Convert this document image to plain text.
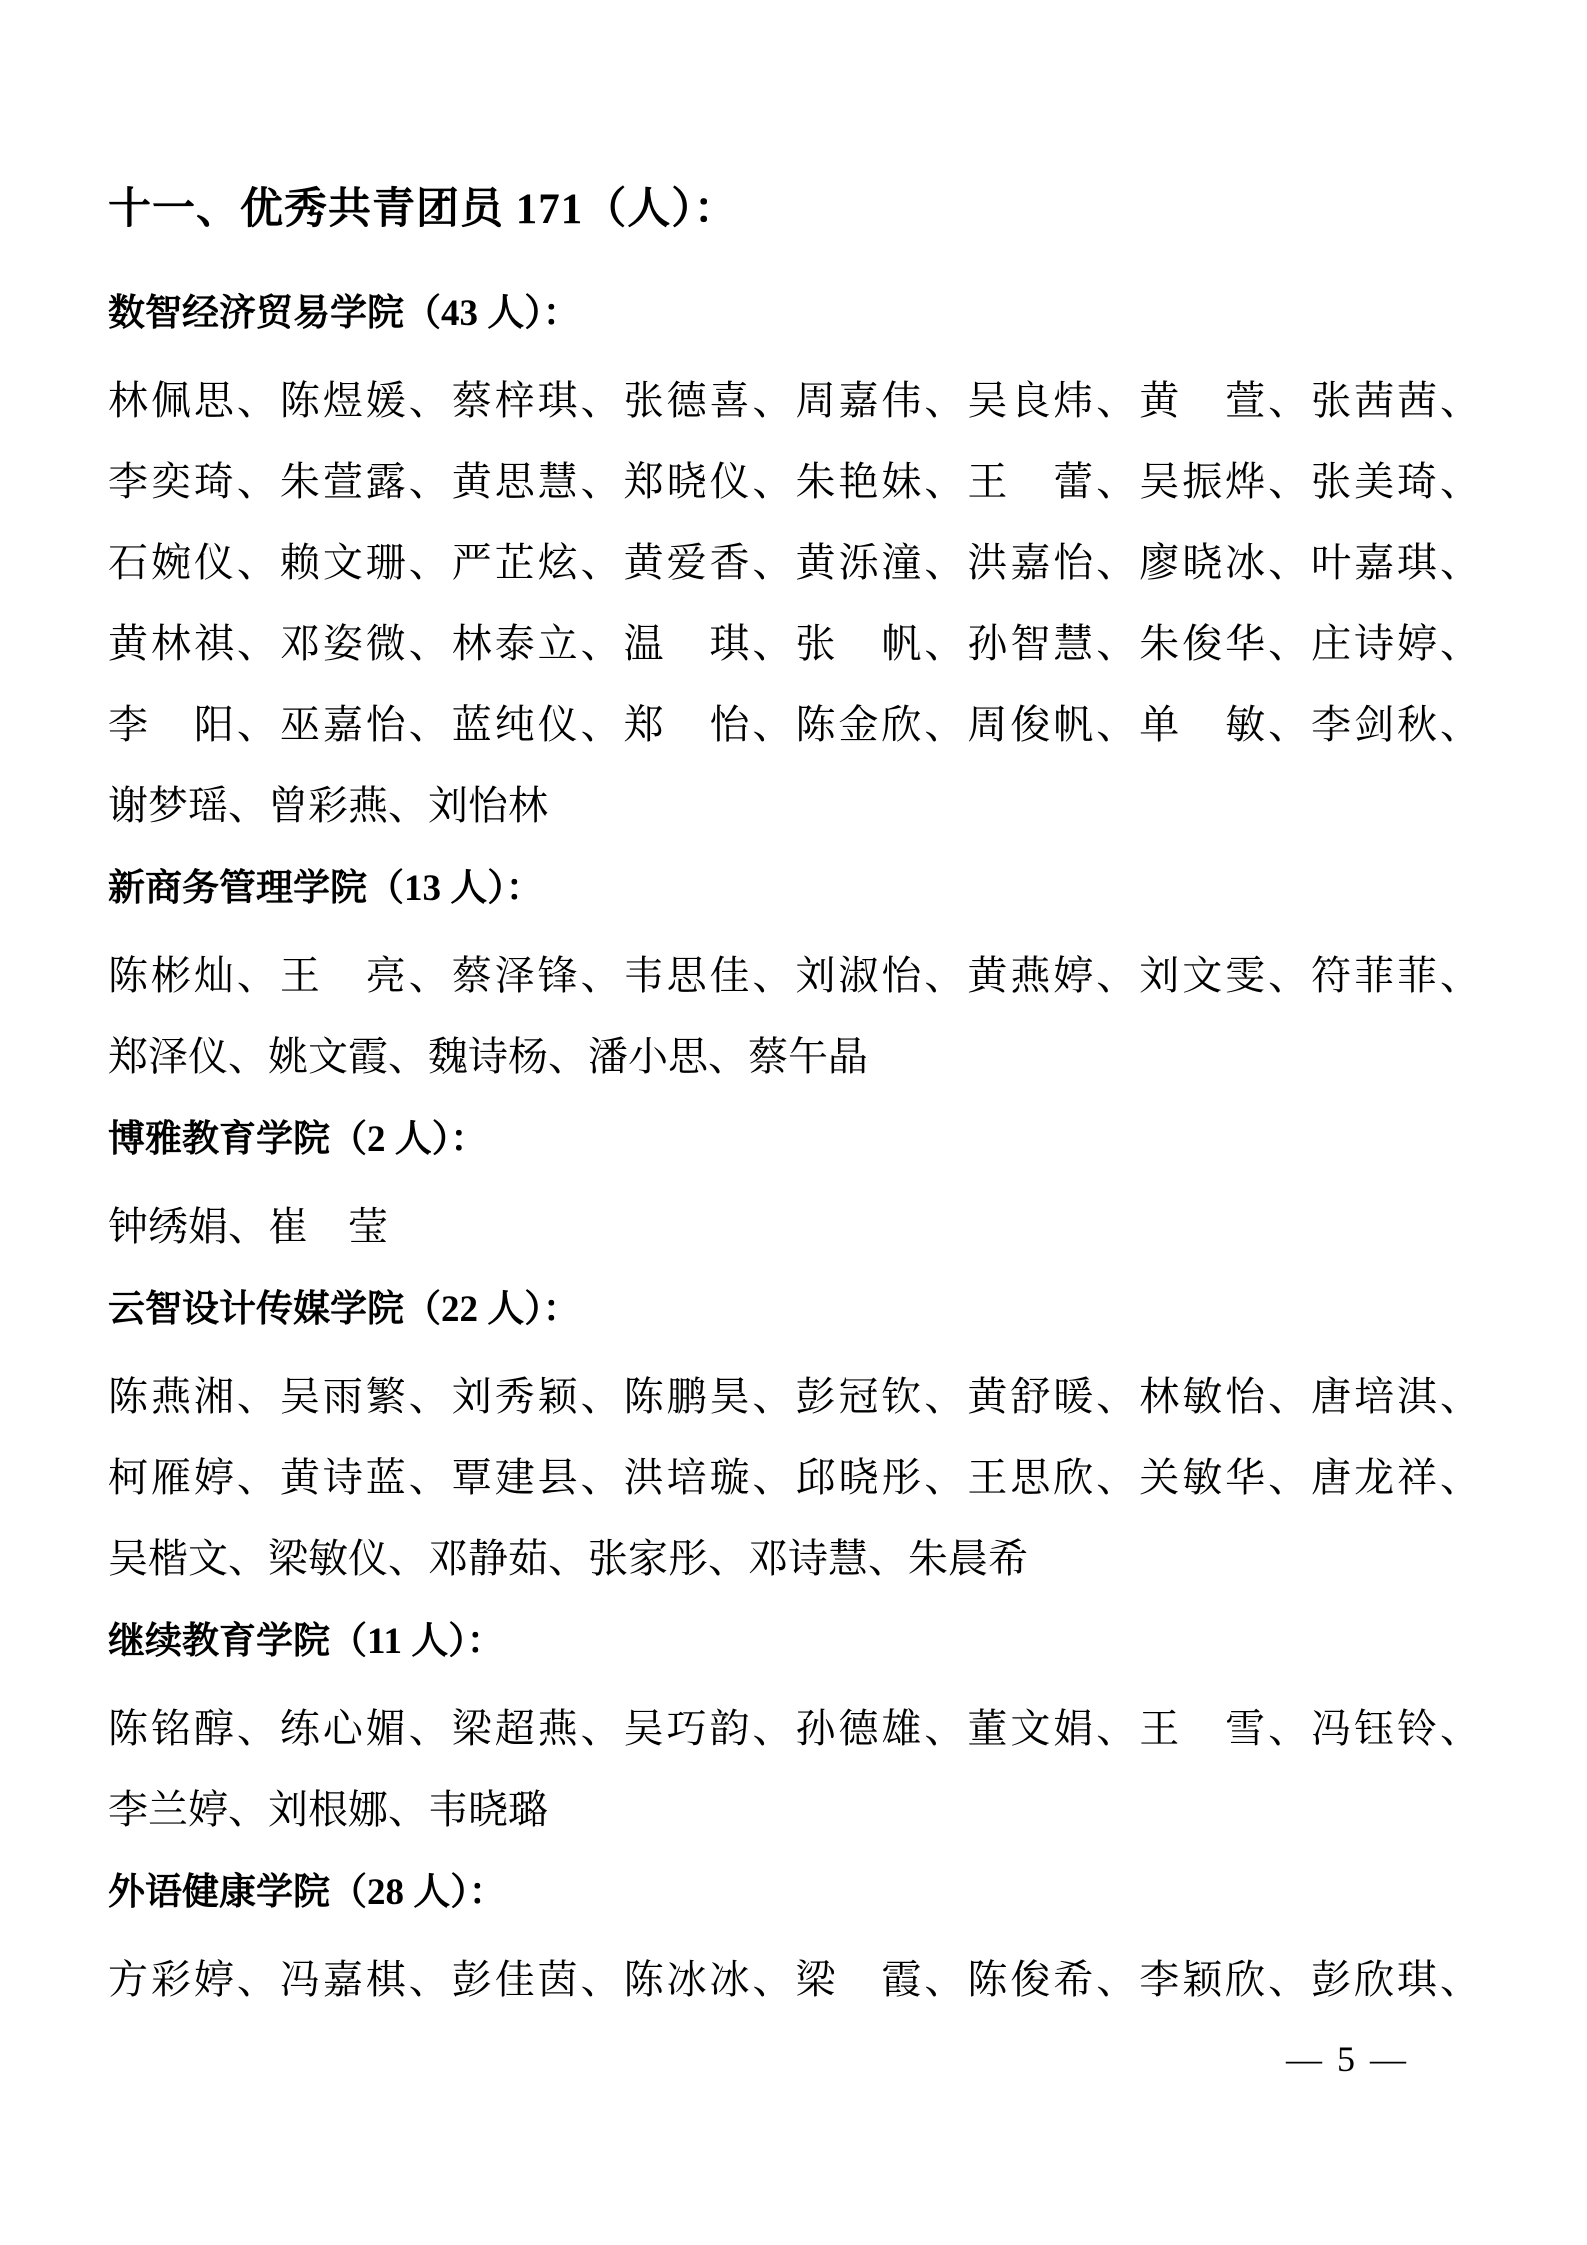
十一、优秀共青团员 171（人）：
数智经济贸易学院（43 人）：

林佩思、陈煜媛、蔡梓琪、张德喜、周嘉伟、吴良炜、黄　萱、张茜茜、

李奕琦、朱萱露、黄思慧、郑晓仪、朱艳妹、王　蕾、吴振烨、张美琦、

石婉仪、赖文珊、严芷炫、黄爱香、黄泺潼、洪嘉怡、廖晓冰、叶嘉琪、

黄林祺、邓姿微、林泰立、温　琪、张　帆、孙智慧、朱俊华、庄诗婷、

李　阳、巫嘉怡、蓝纯仪、郑　怡、陈金欣、周俊帆、单　敏、李剑秋、

谢梦瑶、曾彩燕、刘怡林

新商务管理学院（13 人）：

陈彬灿、王　亮、蔡泽锋、韦思佳、刘淑怡、黄燕婷、刘文雯、符菲菲、

郑泽仪、姚文霞、魏诗杨、潘小思、蔡午晶

博雅教育学院（2 人）：

钟绣娟、崔　莹

云智设计传媒学院（22 人）：

陈燕湘、吴雨繁、刘秀颖、陈鹏昊、彭冠钦、黄舒暖、林敏怡、唐培淇、

柯雁婷、黄诗蓝、覃建县、洪培璇、邱晓彤、王思欣、关敏华、唐龙祥、

吴楷文、梁敏仪、邓静茹、张家彤、邓诗慧、朱晨希

继续教育学院（11 人）：

陈铭醇、练心媚、梁超燕、吴巧韵、孙德雄、董文娟、王　雪、冯钰铃、

李兰婷、刘根娜、韦晓璐

外语健康学院（28 人）：

方彩婷、冯嘉棋、彭佳茵、陈冰冰、梁　霞、陈俊希、李颖欣、彭欣琪、

— 5 —
